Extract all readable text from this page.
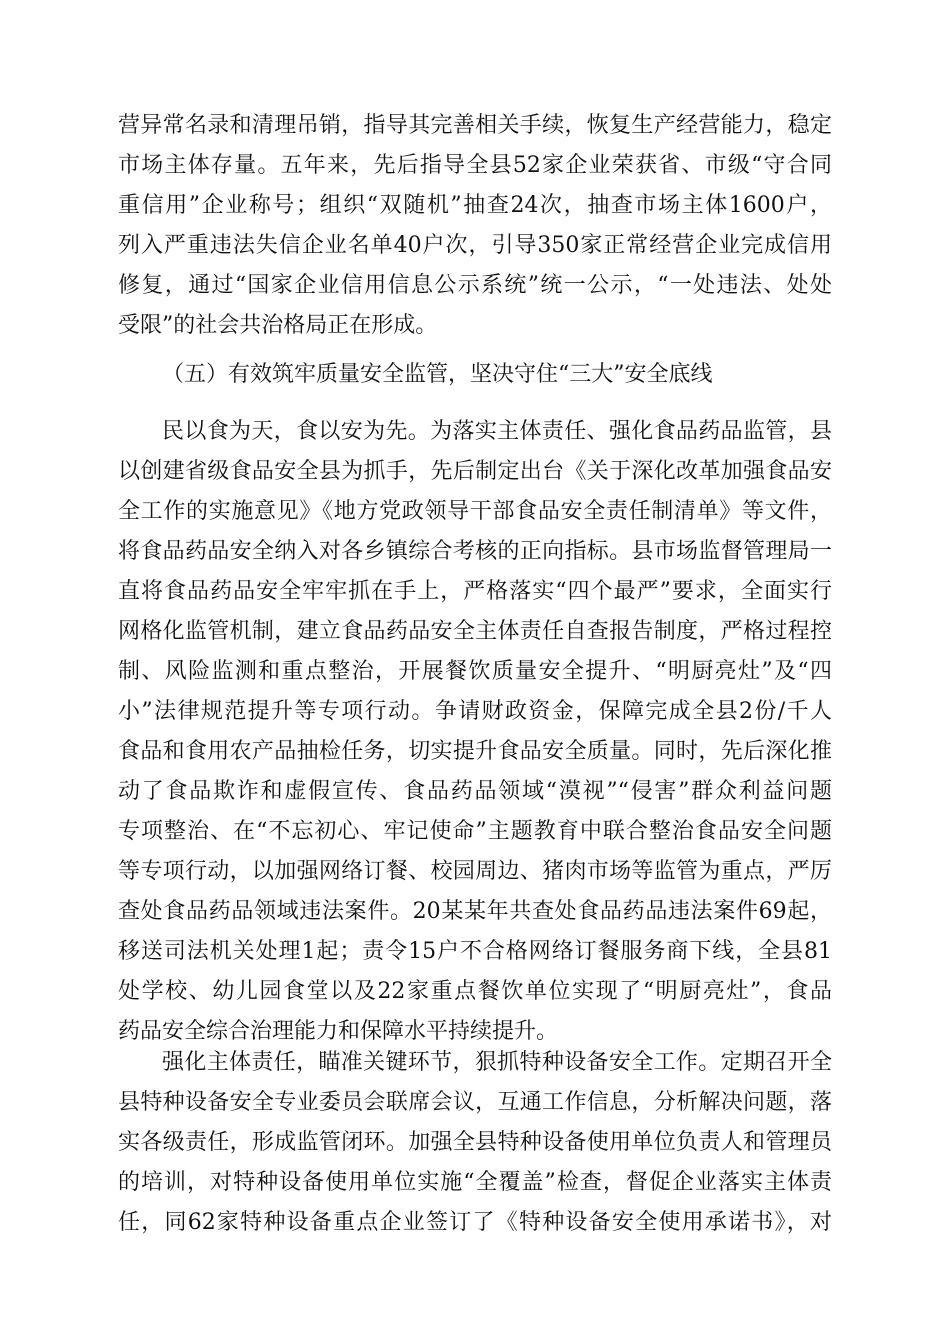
营异常名录和清理吊销，指导其完善相关手续，恢复生产经营能力，稳定
市场主体存量。五年来，先后指导全县52家企业荣获省、市级“守合同
重信用”企业称号；组织“双随机”抽查24次，抽查市场主体1600户，
列入严重违法失信企业名单40户次，引导350家正常经营企业完成信用
修复，通过“国家企业信用信息公示系统”统一公示，“一处违法、处处
受限”的社会共治格局正在形成。
（五）有效筑牢质量安全监管，坚决守住“三大”安全底线
民以食为天，食以安为先。为落实主体责任、强化食品药品监管，县
以创建省级食品安全县为抓手，先后制定出台《关于深化改革加强食品安
全工作的实施意见》《地方党政领导干部食品安全责任制清单》等文件，
将食品药品安全纳入对各乡镇综合考核的正向指标。县市场监督管理局一
直将食品药品安全牢牢抓在手上，严格落实“四个最严”要求，全面实行
网格化监管机制，建立食品药品安全主体责任自查报告制度，严格过程控
制、风险监测和重点整治，开展餐饮质量安全提升、“明厨亮灶”及“四
小”法律规范提升等专项行动。争请财政资金，保障完成全县2份/千人
食品和食用农产品抽检任务，切实提升食品安全质量。同时，先后深化推
动了食品欺诈和虚假宣传、食品药品领域“漠视”“侵害”群众利益问题
专项整治、在“不忘初心、牢记使命”主题教育中联合整治食品安全问题
等专项行动，以加强网络订餐、校园周边、猪肉市场等监管为重点，严厉
查处食品药品领域违法案件。20某某年共查处食品药品违法案件69起，
移送司法机关处理1起；责令15户不合格网络订餐服务商下线，全县81
处学校、幼儿园食堂以及22家重点餐饮单位实现了“明厨亮灶”，食品
药品安全综合治理能力和保障水平持续提升。
强化主体责任，瞄准关键环节，狠抓特种设备安全工作。定期召开全
县特种设备安全专业委员会联席会议，互通工作信息，分析解决问题，落
实各级责任，形成监管闭环。加强全县特种设备使用单位负责人和管理员
的培训，对特种设备使用单位实施“全覆盖”检查，督促企业落实主体责
任，同62家特种设备重点企业签订了《特种设备安全使用承诺书》，对
